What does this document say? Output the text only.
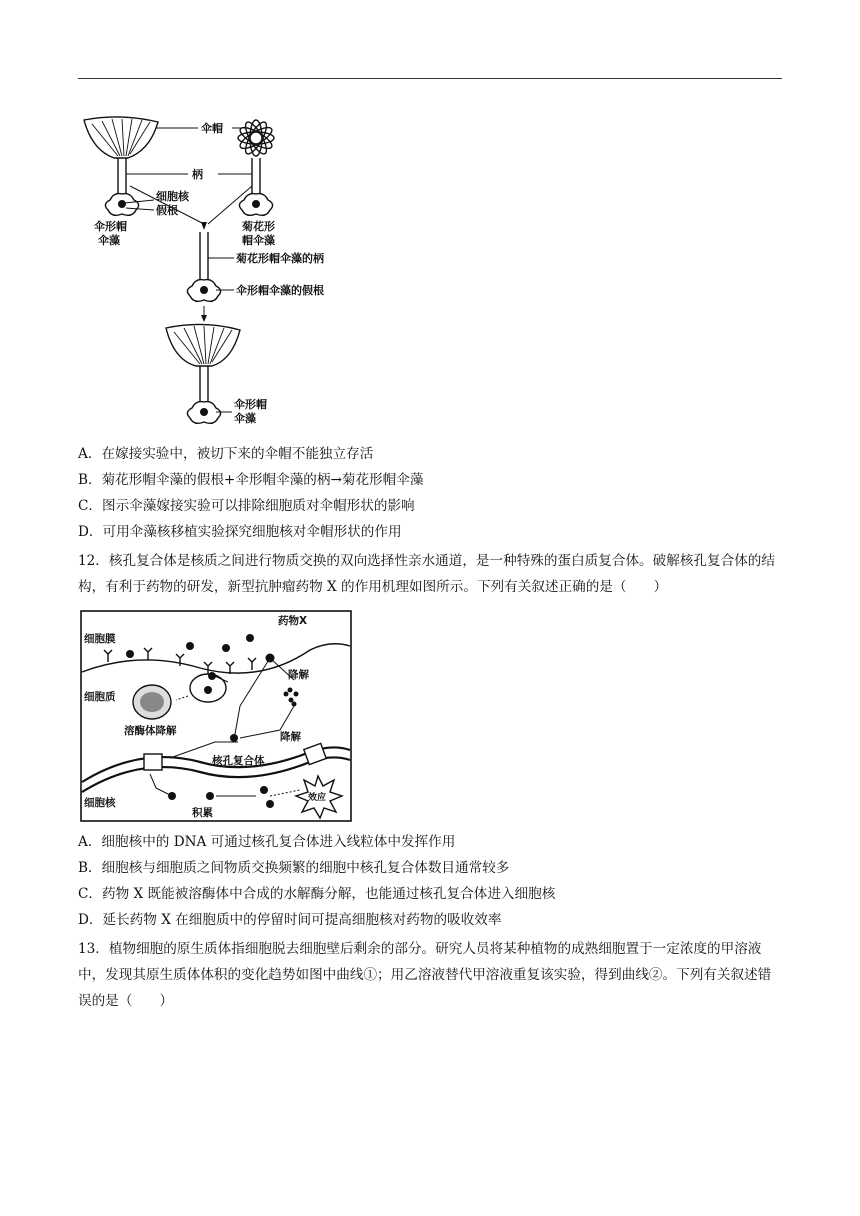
伞帽
柄
细胞核
假根
伞形帽
伞藻
菊花形
帽伞藻
菊花形帽伞藻的柄
伞形帽伞藻的假根
伞形帽
伞藻
A．在嫁接实验中，被切下来的伞帽不能独立存活
B．菊花形帽伞藻的假根+伞形帽伞藻的柄→菊花形帽伞藻
C．图示伞藻嫁接实验可以排除细胞质对伞帽形状的影响
D．可用伞藻核移植实验探究细胞核对伞帽形状的作用
12．核孔复合体是核质之间进行物质交换的双向选择性亲水通道，是一种特殊的蛋白质复合体。破解核孔复合体的结构，有利于药物的研发，新型抗肿瘤药物 X 的作用机理如图所示。下列有关叙述正确的是（　　）
细胞膜
药物X
降解
细胞质
溶酶体降解	降解
核孔复合体
细胞核
积累
效应
A．细胞核中的 DNA 可通过核孔复合体进入线粒体中发挥作用
B．细胞核与细胞质之间物质交换频繁的细胞中核孔复合体数目通常较多
C．药物 X 既能被溶酶体中合成的水解酶分解，也能通过核孔复合体进入细胞核
D．延长药物 X 在细胞质中的停留时间可提高细胞核对药物的吸收效率
13．植物细胞的原生质体指细胞脱去细胞壁后剩余的部分。研究人员将某种植物的成熟细胞置于一定浓度的甲溶液中，发现其原生质体体积的变化趋势如图中曲线①；用乙溶液替代甲溶液重复该实验，得到曲线②。下列有关叙述错误的是（　　）
